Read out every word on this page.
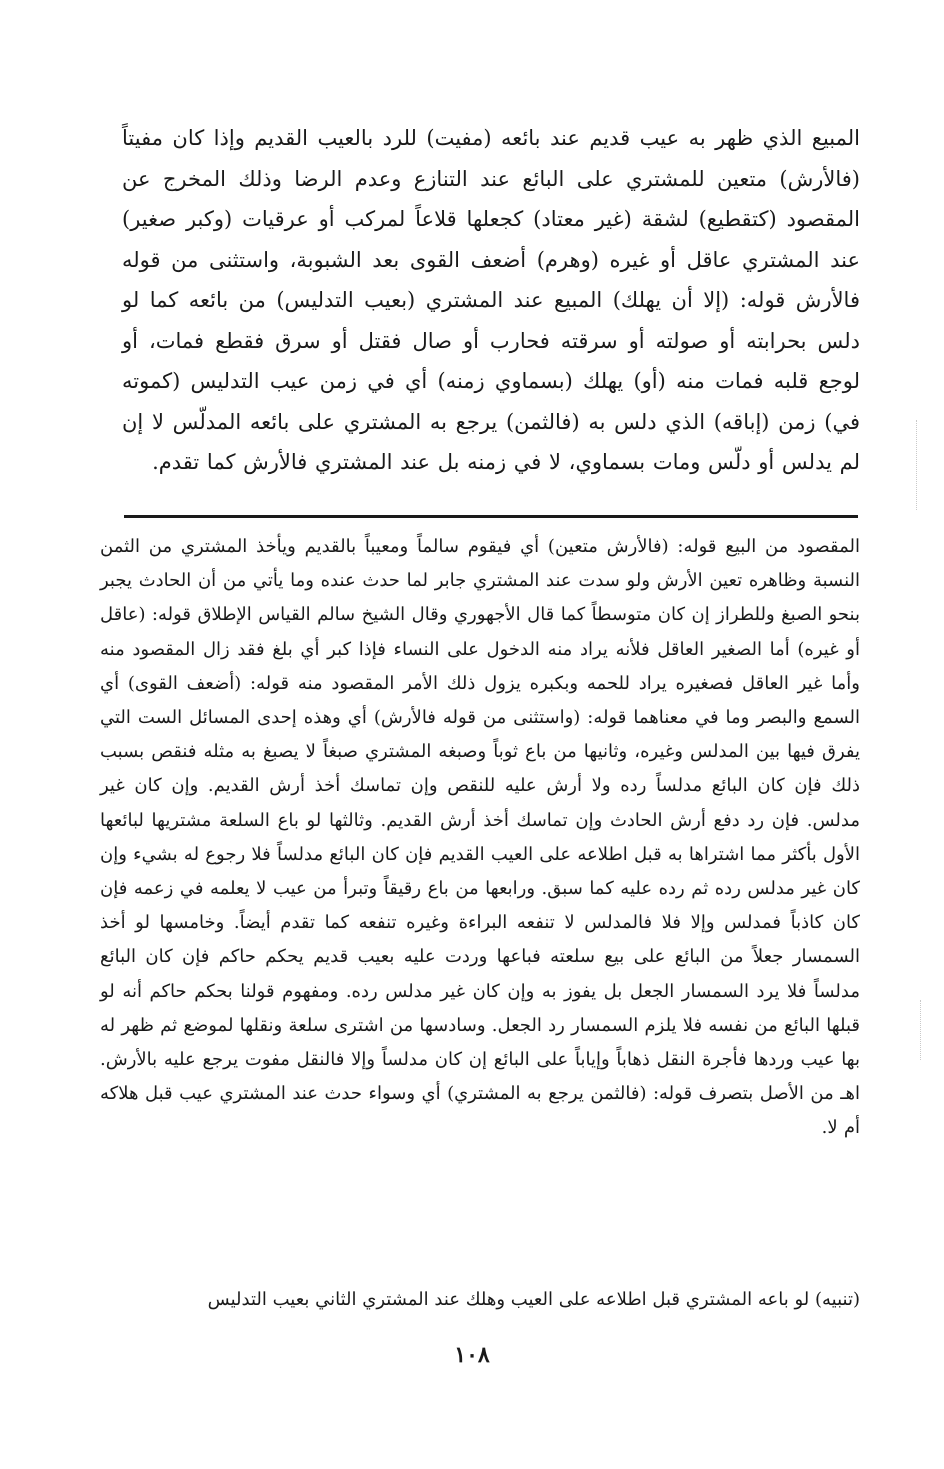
المبيع الذي ظهر به عيب قديم عند بائعه (مفيت) للرد بالعيب القديم وإذا كان مفيتاً (فالأرش) متعين للمشتري على البائع عند التنازع وعدم الرضا وذلك المخرج عن المقصود (كتقطيع) لشقة (غير معتاد) كجعلها قلاعاً لمركب أو عرقيات (وكبر صغير) عند المشتري عاقل أو غيره (وهرم) أضعف القوى بعد الشبوبة، واستثنى من قوله فالأرش قوله: (إلا أن يهلك) المبيع عند المشتري (بعيب التدليس) من بائعه كما لو دلس بحرابته أو صولته أو سرقته فحارب أو صال فقتل أو سرق فقطع فمات، أو لوجع قلبه فمات منه (أو) يهلك (بسماوي زمنه) أي في زمن عيب التدليس (كموته في) زمن (إباقه) الذي دلس به (فالثمن) يرجع به المشتري على بائعه المدلّس لا إن لم يدلس أو دلّس ومات بسماوي، لا في زمنه بل عند المشتري فالأرش كما تقدم.

المقصود من البيع قوله: (فالأرش متعين) أي فيقوم سالماً ومعيباً بالقديم ويأخذ المشتري من الثمن النسبة وظاهره تعين الأرش ولو سدت عند المشتري جابر لما حدث عنده وما يأتي من أن الحادث يجبر بنحو الصبغ وللطراز إن كان متوسطاً كما قال الأجهوري وقال الشيخ سالم القياس الإطلاق قوله: (عاقل أو غيره) أما الصغير العاقل فلأنه يراد منه الدخول على النساء فإذا كبر أي بلغ فقد زال المقصود منه وأما غير العاقل فصغيره يراد للحمه وبكبره يزول ذلك الأمر المقصود منه قوله: (أضعف القوى) أي السمع والبصر وما في معناهما قوله: (واستثنى من قوله فالأرش) أي وهذه إحدى المسائل الست التي يفرق فيها بين المدلس وغيره، وثانيها من باع ثوباً وصبغه المشتري صبغاً لا يصبغ به مثله فنقص بسبب ذلك فإن كان البائع مدلساً رده ولا أرش عليه للنقص وإن تماسك أخذ أرش القديم. وإن كان غير مدلس. فإن رد دفع أرش الحادث وإن تماسك أخذ أرش القديم. وثالثها لو باع السلعة مشتريها لبائعها الأول بأكثر مما اشتراها به قبل اطلاعه على العيب القديم فإن كان البائع مدلساً فلا رجوع له بشيء وإن كان غير مدلس رده ثم رده عليه كما سبق. ورابعها من باع رقيقاً وتبرأ من عيب لا يعلمه في زعمه فإن كان كاذباً فمدلس وإلا فلا فالمدلس لا تنفعه البراءة وغيره تنفعه كما تقدم أيضاً. وخامسها لو أخذ السمسار جعلاً من البائع على بيع سلعته فباعها وردت عليه بعيب قديم يحكم حاكم فإن كان البائع مدلساً فلا يرد السمسار الجعل بل يفوز به وإن كان غير مدلس رده. ومفهوم قولنا بحكم حاكم أنه لو قبلها البائع من نفسه فلا يلزم السمسار رد الجعل. وسادسها من اشترى سلعة ونقلها لموضع ثم ظهر له بها عيب وردها فأجرة النقل ذهاباً وإياباً على البائع إن كان مدلساً وإلا فالنقل مفوت يرجع عليه بالأرش. اهـ من الأصل بتصرف قوله: (فالثمن يرجع به المشتري) أي وسواء حدث عند المشتري عيب قبل هلاكه أم لا.

(تنبيه) لو باعه المشتري قبل اطلاعه على العيب وهلك عند المشتري الثاني بعيب التدليس
١٠٨
